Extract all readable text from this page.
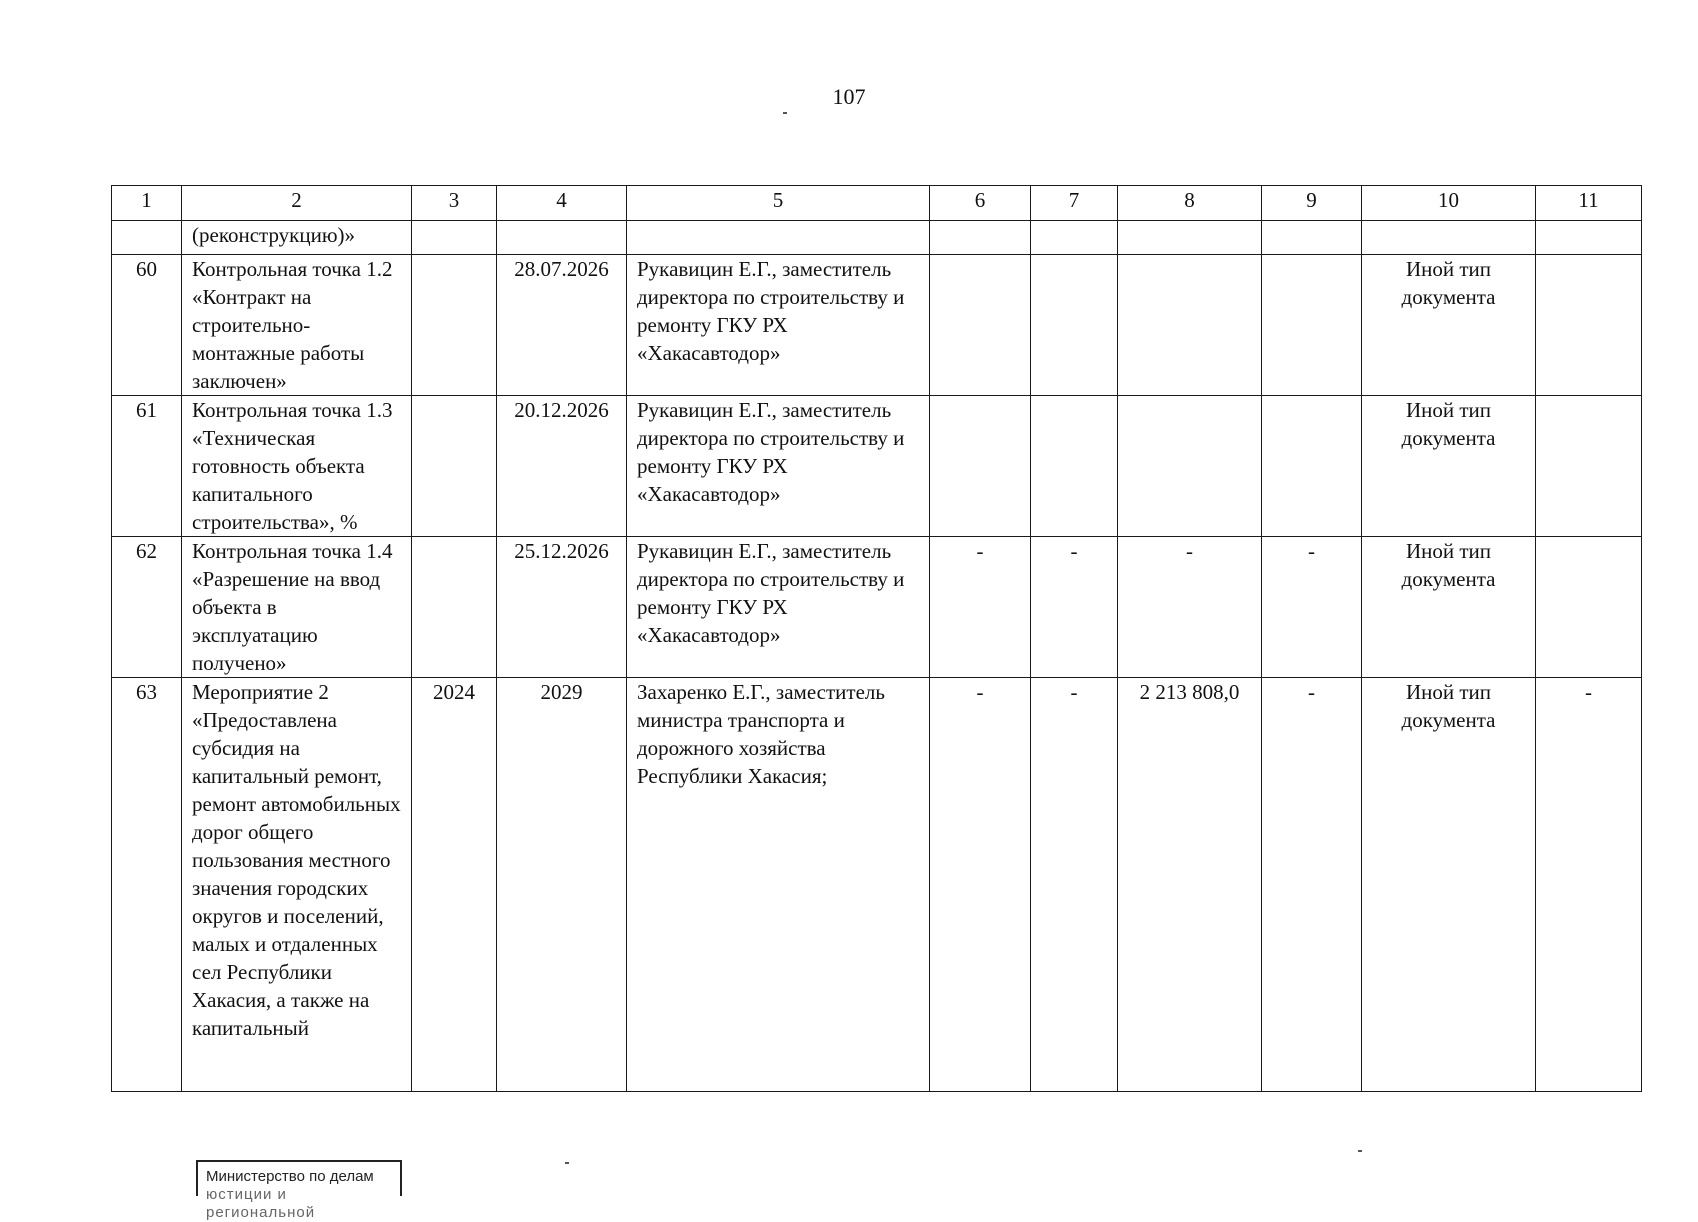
107
1	2	3	4	5	6	7	8	9	10	11
	(реконструкцию)»									
60	Контрольная точка 1.2 «Контракт на строительно-монтажные работы заключен»		28.07.2026	Рукавицин Е.Г., заместитель директора по строительству и ремонту ГКУ РХ «Хакасавтодор»					Иной тип документа	
61	Контрольная точка 1.3 «Техническая готовность объекта капитального строительства», %		20.12.2026	Рукавицин Е.Г., заместитель директора по строительству и ремонту ГКУ РХ «Хакасавтодор»					Иной тип документа	
62	Контрольная точка 1.4 «Разрешение на ввод объекта в эксплуатацию получено»		25.12.2026	Рукавицин Е.Г., заместитель директора по строительству и ремонту ГКУ РХ «Хакасавтодор»	-	-	-	-	Иной тип документа	
63	Мероприятие 2 «Предоставлена субсидия на капитальный ремонт, ремонт автомобильных дорог общего пользования местного значения городских округов и поселений, малых и отдаленных сел Республики Хакасия, а также на капитальный	2024	2029	Захаренко Е.Г., заместитель министра транспорта и дорожного хозяйства Республики Хакасия;	-	-	2 213 808,0	-	Иной тип документа	-
Министерство по делам
юстиции и региональной
